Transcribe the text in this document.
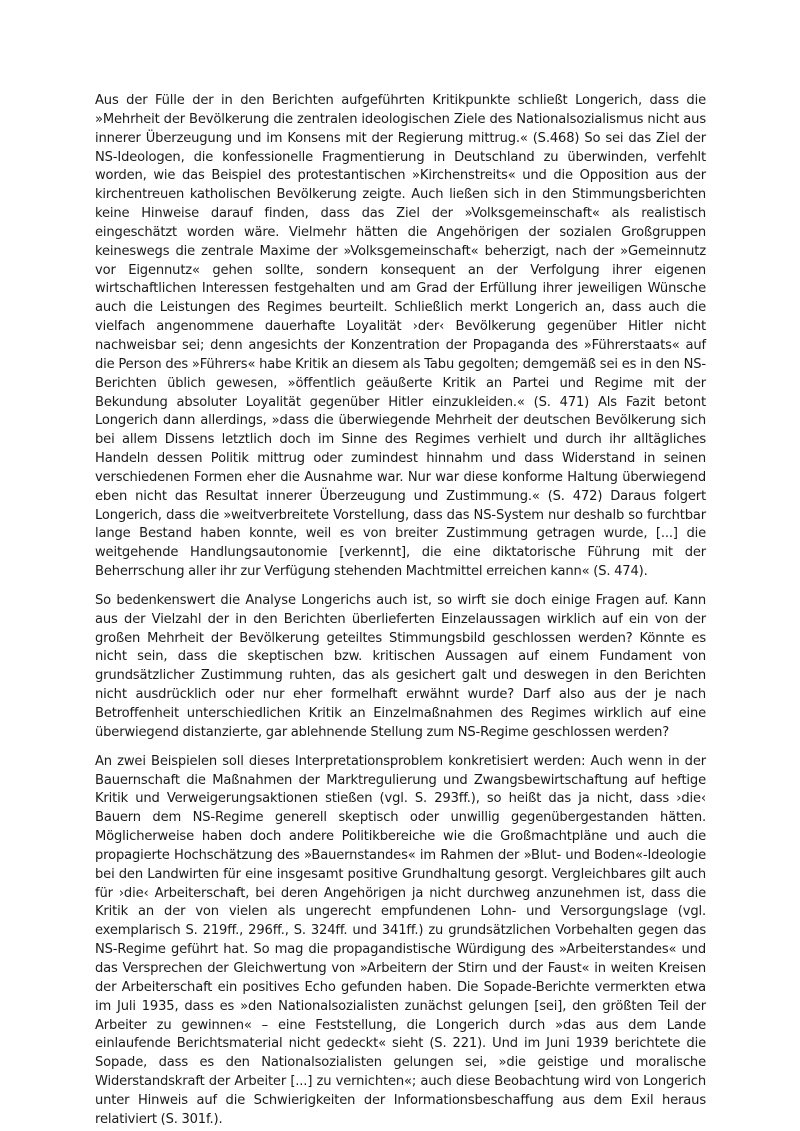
Aus der Fülle der in den Berichten aufgeführten Kritikpunkte schließt Longerich, dass die »Mehrheit der Bevölkerung die zentralen ideologischen Ziele des Nationalsozialismus nicht aus innerer Überzeugung und im Konsens mit der Regierung mittrug.« (S.468) So sei das Ziel der NS-Ideologen, die konfessionelle Fragmentierung in Deutschland zu überwinden, verfehlt worden, wie das Beispiel des protestantischen »Kirchenstreits« und die Opposition aus der kirchentreuen katholischen Bevölkerung zeigte. Auch ließen sich in den Stimmungsberichten keine Hinweise darauf finden, dass das Ziel der »Volksgemeinschaft« als realistisch eingeschätzt worden wäre. Vielmehr hätten die Angehörigen der sozialen Großgruppen keineswegs die zentrale Maxime der »Volksgemeinschaft« beherzigt, nach der »Gemeinnutz vor Eigennutz« gehen sollte, sondern konsequent an der Verfolgung ihrer eigenen wirtschaftlichen Interessen festgehalten und am Grad der Erfüllung ihrer jeweiligen Wünsche auch die Leistungen des Regimes beurteilt. Schließlich merkt Longerich an, dass auch die vielfach angenommene dauerhafte Loyalität ›der‹ Bevölkerung gegenüber Hitler nicht nachweisbar sei; denn angesichts der Konzentration der Propaganda des »Führerstaats« auf die Person des »Führers« habe Kritik an diesem als Tabu gegolten; demgemäß sei es in den NS-Berichten üblich gewesen, »öffentlich geäußerte Kritik an Partei und Regime mit der Bekundung absoluter Loyalität gegenüber Hitler einzukleiden.« (S. 471) Als Fazit betont Longerich dann allerdings, »dass die überwiegende Mehrheit der deutschen Bevölkerung sich bei allem Dissens letztlich doch im Sinne des Regimes verhielt und durch ihr alltägliches Handeln dessen Politik mittrug oder zumindest hinnahm und dass Widerstand in seinen verschiedenen Formen eher die Ausnahme war. Nur war diese konforme Haltung überwiegend eben nicht das Resultat innerer Überzeugung und Zustimmung.« (S. 472) Daraus folgert Longerich, dass die »weitverbreitete Vorstellung, dass das NS-System nur deshalb so furchtbar lange Bestand haben konnte, weil es von breiter Zustimmung getragen wurde, [...] die weitgehende Handlungsautonomie [verkennt], die eine diktatorische Führung mit der Beherrschung aller ihr zur Verfügung stehenden Machtmittel erreichen kann« (S. 474).

So bedenkenswert die Analyse Longerichs auch ist, so wirft sie doch einige Fragen auf. Kann aus der Vielzahl der in den Berichten überlieferten Einzelaussagen wirklich auf ein von der großen Mehrheit der Bevölkerung geteiltes Stimmungsbild geschlossen werden? Könnte es nicht sein, dass die skeptischen bzw. kritischen Aussagen auf einem Fundament von grundsätzlicher Zustimmung ruhten, das als gesichert galt und deswegen in den Berichten nicht ausdrücklich oder nur eher formelhaft erwähnt wurde? Darf also aus der je nach Betroffenheit unterschiedlichen Kritik an Einzelmaßnahmen des Regimes wirklich auf eine überwiegend distanzierte, gar ablehnende Stellung zum NS-Regime geschlossen werden?

An zwei Beispielen soll dieses Interpretationsproblem konkretisiert werden: Auch wenn in der Bauernschaft die Maßnahmen der Marktregulierung und Zwangsbewirtschaftung auf heftige Kritik und Verweigerungsaktionen stießen (vgl. S. 293ff.), so heißt das ja nicht, dass ›die‹ Bauern dem NS-Regime generell skeptisch oder unwillig gegenübergestanden hätten. Möglicherweise haben doch andere Politikbereiche wie die Großmachtpläne und auch die propagierte Hochschätzung des »Bauernstandes« im Rahmen der »Blut- und Boden«-Ideologie bei den Landwirten für eine insgesamt positive Grundhaltung gesorgt. Vergleichbares gilt auch für ›die‹ Arbeiterschaft, bei deren Angehörigen ja nicht durchweg anzunehmen ist, dass die Kritik an der von vielen als ungerecht empfundenen Lohn- und Versorgungslage (vgl. exemplarisch S. 219ff., 296ff., S. 324ff. und 341ff.) zu grundsätzlichen Vorbehalten gegen das NS-Regime geführt hat. So mag die propagandistische Würdigung des »Arbeiterstandes« und das Versprechen der Gleichwertung von »Arbeitern der Stirn und der Faust« in weiten Kreisen der Arbeiterschaft ein positives Echo gefunden haben. Die Sopade-Berichte vermerkten etwa im Juli 1935, dass es »den Nationalsozialisten zunächst gelungen [sei], den größten Teil der Arbeiter zu gewinnen« – eine Feststellung, die Longerich durch »das aus dem Lande einlaufende Berichtsmaterial nicht gedeckt« sieht (S. 221). Und im Juni 1939 berichtete die Sopade, dass es den Nationalsozialisten gelungen sei, »die geistige und moralische Widerstandskraft der Arbeiter [...] zu vernichten«; auch diese Beobachtung wird von Longerich unter Hinweis auf die Schwierigkeiten der Informationsbeschaffung aus dem Exil heraus relativiert (S. 301f.).
